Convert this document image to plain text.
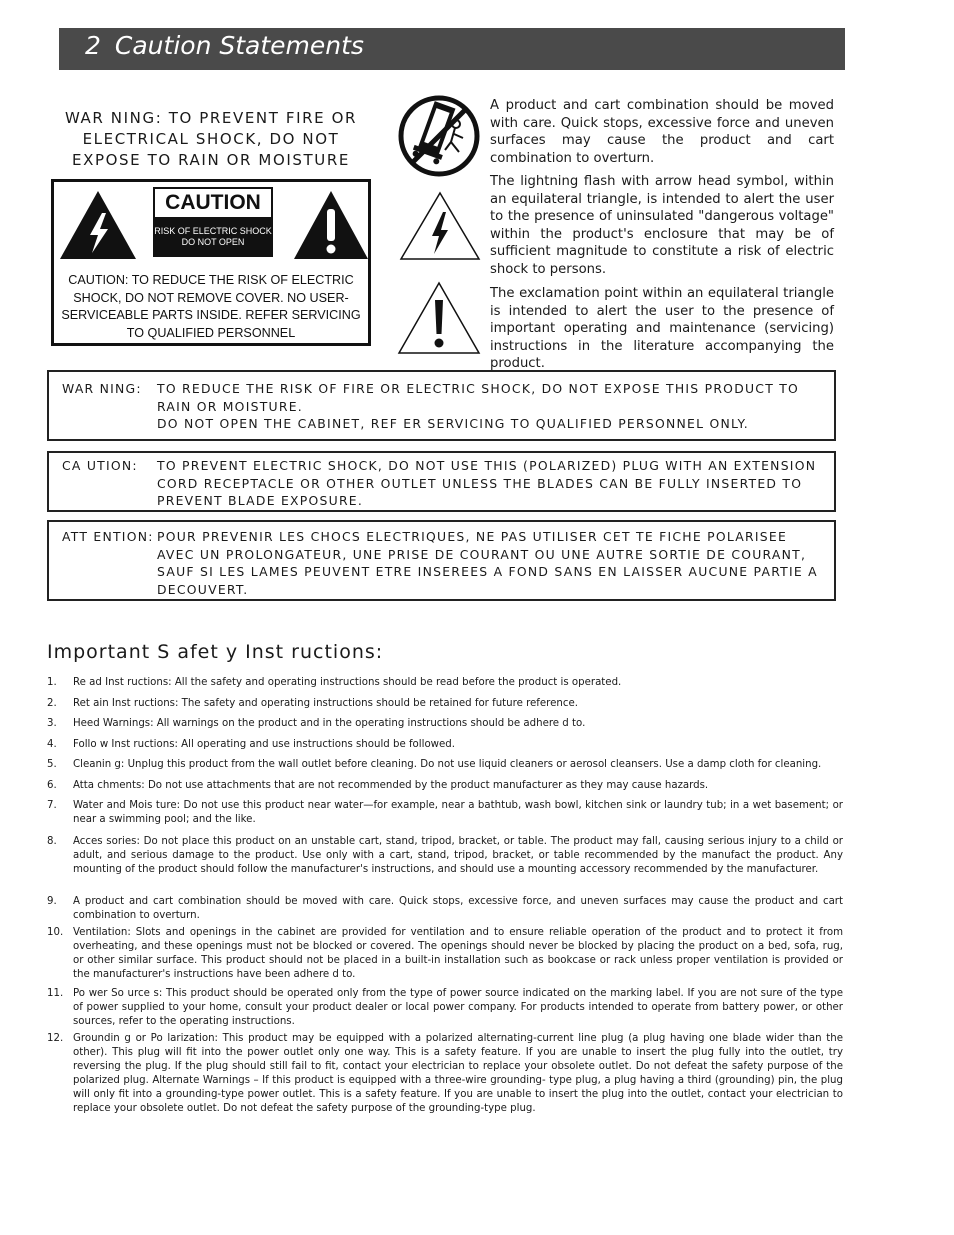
2 Caution Statements
WAR NING: TO PREVENT FIRE OR
ELECTRICAL SHOCK, DO NOT
EXPOSE TO RAIN OR MOISTURE
CAUTION
RISK OF ELECTRIC SHOCK
DO NOT OPEN
CAUTION: TO REDUCE THE RISK OF ELECTRIC
SHOCK, DO NOT REMOVE COVER. NO USER-
SERVICEABLE PARTS INSIDE. REFER SERVICING
TO QUALIFIED PERSONNEL
A product and cart combination should be moved with care. Quick stops, excessive force and uneven surfaces may cause the product and cart combination to overturn.
The lightning flash with arrow head symbol, within an equilateral triangle, is intended to alert the user to the presence of uninsulated "dangerous voltage" within the product's enclosure that may be of sufficient magnitude to constitute a risk of electric shock to persons.
The exclamation point within an equilateral triangle is intended to alert the user to the presence of important operating and maintenance (servicing) instructions in the literature accompanying the product.
WAR NING: TO REDUCE THE RISK OF FIRE OR ELECTRIC SHOCK, DO NOT EXPOSE THIS PRODUCT TO
RAIN OR MOISTURE.
DO NOT OPEN THE CABINET, REF ER SERVICING TO QUALIFIED PERSONNEL ONLY.
CA UTION: TO PREVENT ELECTRIC SHOCK, DO NOT USE THIS (POLARIZED) PLUG WITH AN EXTENSION
CORD RECEPTACLE OR OTHER OUTLET UNLESS THE BLADES CAN BE FULLY INSERTED TO
PREVENT BLADE EXPOSURE.
ATT ENTION: POUR PREVENIR LES CHOCS ELECTRIQUES, NE PAS UTILISER CET TE FICHE POLARISEE
AVEC UN PROLONGATEUR, UNE PRISE DE COURANT OU UNE AUTRE SORTIE DE COURANT,
SAUF SI LES LAMES PEUVENT ETRE INSEREES A FOND SANS EN LAISSER AUCUNE PARTIE A
DECOUVERT.
Important S afet y Inst ructions:
1. Re ad Inst ructions: All the safety and operating instructions should be read before the product is operated.
2. Ret ain Inst ructions: The safety and operating instructions should be retained for future reference.
3. Heed Warnings: All warnings on the product and in the operating instructions should be adhere d to.
4. Follo w Inst ructions: All operating and use instructions should be followed.
5. Cleanin g: Unplug this product from the wall outlet before cleaning. Do not use liquid cleaners or aerosol cleansers. Use a damp cloth for cleaning.
6. Atta chments: Do not use attachments that are not recommended by the product manufacturer as they may cause hazards.
7. Water and Mois ture: Do not use this product near water—for example, near a bathtub, wash bowl, kitchen sink or laundry tub; in a wet basement; or near a swimming pool; and the like.
8. Acces sories: Do not place this product on an unstable cart, stand, tripod, bracket, or table. The product may fall, causing serious injury to a child or adult, and serious damage to the product. Use only with a cart, stand, tripod, bracket, or table recommended by the manufact the product. Any mounting of the product should follow the manufacturer's instructions, and should use a mounting accessory recommended by the manufacturer.
9. A product and cart combination should be moved with care. Quick stops, excessive force, and uneven surfaces may cause the product and cart combination to overturn.
10. Ventilation: Slots and openings in the cabinet are provided for ventilation and to ensure reliable operation of the product and to protect it from overheating, and these openings must not be blocked or covered. The openings should never be blocked by placing the product on a bed, sofa, rug, or other similar surface. This product should not be placed in a built-in installation such as bookcase or rack unless proper ventilation is provided or the manufacturer's instructions have been adhere d to.
11. Po wer So urce s: This product should be operated only from the type of power source indicated on the marking label. If you are not sure of the type of power supplied to your home, consult your product dealer or local power company. For products intended to operate from battery power, or other sources, refer to the operating instructions.
12. Groundin g or Po larization: This product may be equipped with a polarized alternating-current line plug (a plug having one blade wider than the other). This plug will fit into the power outlet only one way. This is a safety feature. If you are unable to insert the plug fully into the outlet, try reversing the plug. If the plug should still fail to fit, contact your electrician to replace your obsolete outlet. Do not defeat the safety purpose of the polarized plug. Alternate Warnings – If this product is equipped with a three-wire grounding- type plug, a plug having a third (grounding) pin, the plug will only fit into a grounding-type power outlet. This is a safety feature. If you are unable to insert the plug into the outlet, contact your electrician to replace your obsolete outlet. Do not defeat the safety purpose of the grounding-type plug.
